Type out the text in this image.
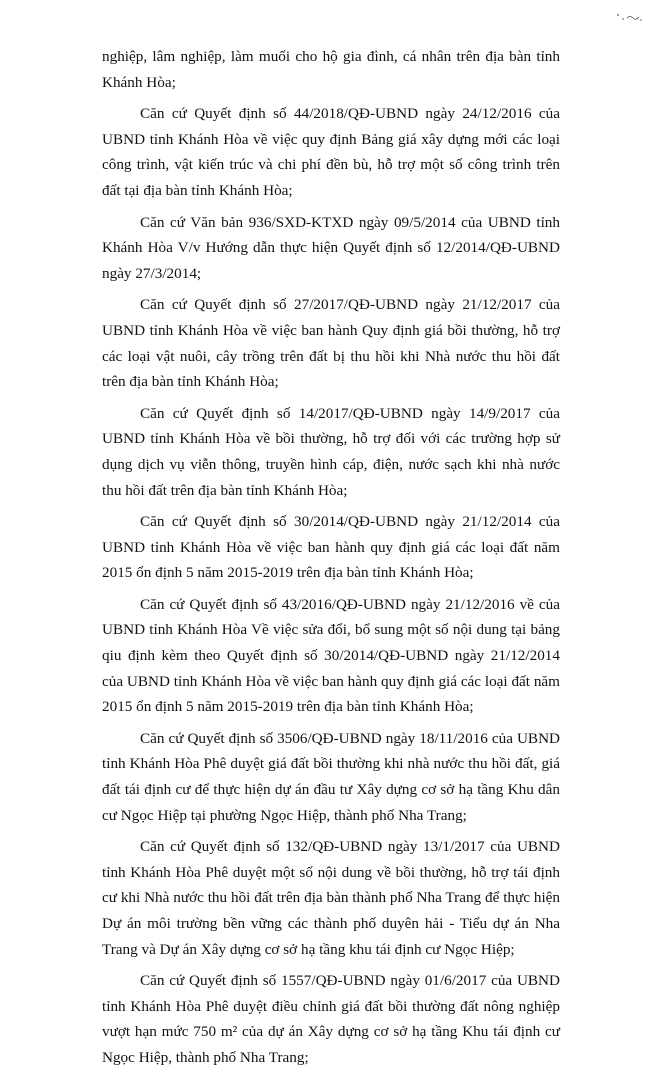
nghiệp, lâm nghiệp, làm muối cho hộ gia đình, cá nhân trên địa bàn tỉnh Khánh Hòa;

Căn cứ Quyết định số 44/2018/QĐ-UBND ngày 24/12/2016 của UBND tỉnh Khánh Hòa về việc quy định Bảng giá xây dựng mới các loại công trình, vật kiến trúc và chi phí đền bù, hỗ trợ một số công trình trên đất tại địa bàn tỉnh Khánh Hòa;

Căn cứ Văn bản 936/SXD-KTXD ngày 09/5/2014 của UBND tỉnh Khánh Hòa V/v Hướng dẫn thực hiện Quyết định số 12/2014/QĐ-UBND ngày 27/3/2014;

Căn cứ Quyết định số 27/2017/QĐ-UBND ngày 21/12/2017 của UBND tỉnh Khánh Hòa về việc ban hành Quy định giá bồi thường, hỗ trợ các loại vật nuôi, cây trồng trên đất bị thu hồi khi Nhà nước thu hồi đất trên địa bàn tỉnh Khánh Hòa;

Căn cứ Quyết định số 14/2017/QĐ-UBND ngày 14/9/2017 của UBND tỉnh Khánh Hòa về bồi thường, hỗ trợ đối với các trường hợp sử dụng dịch vụ viễn thông, truyền hình cáp, điện, nước sạch khi nhà nước thu hồi đất trên địa bàn tỉnh Khánh Hòa;

Căn cứ Quyết định số 30/2014/QĐ-UBND ngày 21/12/2014 của UBND tỉnh Khánh Hòa về việc ban hành quy định giá các loại đất năm 2015 ổn định 5 năm 2015-2019 trên địa bàn tỉnh Khánh Hòa;

Căn cứ Quyết định số 43/2016/QĐ-UBND ngày 21/12/2016 về của UBND tỉnh Khánh Hòa Về việc sửa đổi, bổ sung một số nội dung tại bảng qiu định kèm theo Quyết định số 30/2014/QĐ-UBND ngày 21/12/2014 của UBND tỉnh Khánh Hòa về việc ban hành quy định giá các loại đất năm 2015 ổn định 5 năm 2015-2019 trên địa bàn tỉnh Khánh Hòa;

Căn cứ Quyết định số 3506/QĐ-UBND ngày 18/11/2016 của UBND tỉnh Khánh Hòa Phê duyệt giá đất bồi thường khi nhà nước thu hồi đất, giá đất tái định cư để thực hiện dự án đầu tư Xây dựng cơ sở hạ tầng Khu dân cư Ngọc Hiệp tại phường Ngọc Hiệp, thành phố Nha Trang;

Căn cứ Quyết định số 132/QĐ-UBND ngày 13/1/2017 của UBND tỉnh Khánh Hòa Phê duyệt một số nội dung về bồi thường, hỗ trợ tái định cư khi Nhà nước thu hồi đất trên địa bàn thành phố Nha Trang để thực hiện Dự án môi trường bền vững các thành phố duyên hải - Tiểu dự án Nha Trang và Dự án Xây dựng cơ sở hạ tầng khu tái định cư Ngọc Hiệp;

Căn cứ Quyết định số 1557/QĐ-UBND ngày 01/6/2017 của UBND tỉnh Khánh Hòa Phê duyệt điều chỉnh giá đất bồi thường đất nông nghiệp vượt hạn mức 750 m² của dự án Xây dựng cơ sở hạ tầng Khu tái định cư Ngọc Hiệp, thành phố Nha Trang;
